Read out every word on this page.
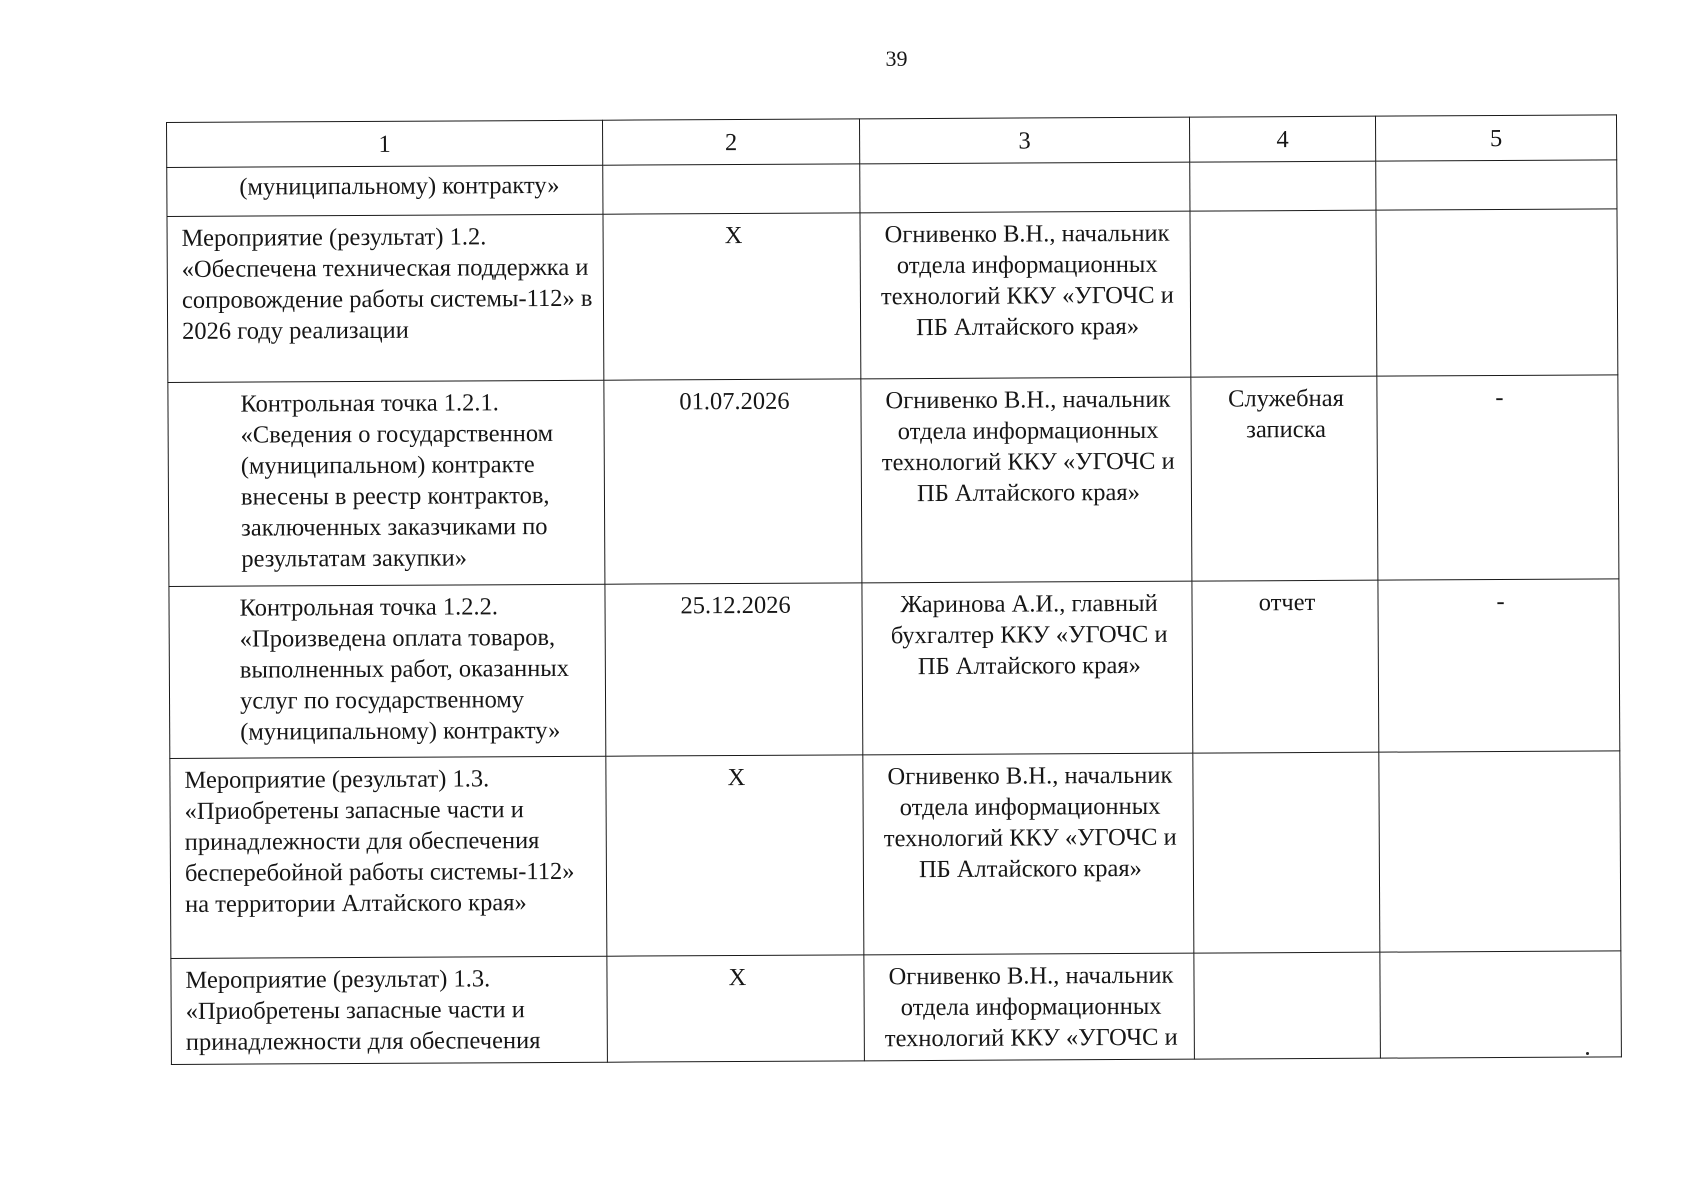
39
1	2	3	4	5
(муниципальному) контракту»				
Мероприятие (результат) 1.2. «Обеспечена техническая поддержка и сопровождение работы системы-112» в 2026 году реализации	Х	Огнивенко В.Н., начальник отдела информационных технологий ККУ «УГОЧС и ПБ Алтайского края»		
Контрольная точка 1.2.1. «Сведения о государственном (муниципальном) контракте внесены в реестр контрактов, заключенных заказчиками по результатам закупки»	01.07.2026	Огнивенко В.Н., начальник отдела информационных технологий ККУ «УГОЧС и ПБ Алтайского края»	Служебная записка	-
Контрольная точка 1.2.2. «Произведена оплата товаров, выполненных работ, оказанных услуг по государственному (муниципальному) контракту»	25.12.2026	Жаринова А.И., главный бухгалтер ККУ «УГОЧС и ПБ Алтайского края»	отчет	-
Мероприятие (результат) 1.3. «Приобретены запасные части и принадлежности для обеспечения бесперебойной работы системы-112» на территории Алтайского края»	Х	Огнивенко В.Н., начальник отдела информационных технологий ККУ «УГОЧС и ПБ Алтайского края»		
Мероприятие (результат) 1.3. «Приобретены запасные части и принадлежности для обеспечения	Х	Огнивенко В.Н., начальник отдела информационных технологий ККУ «УГОЧС и		
